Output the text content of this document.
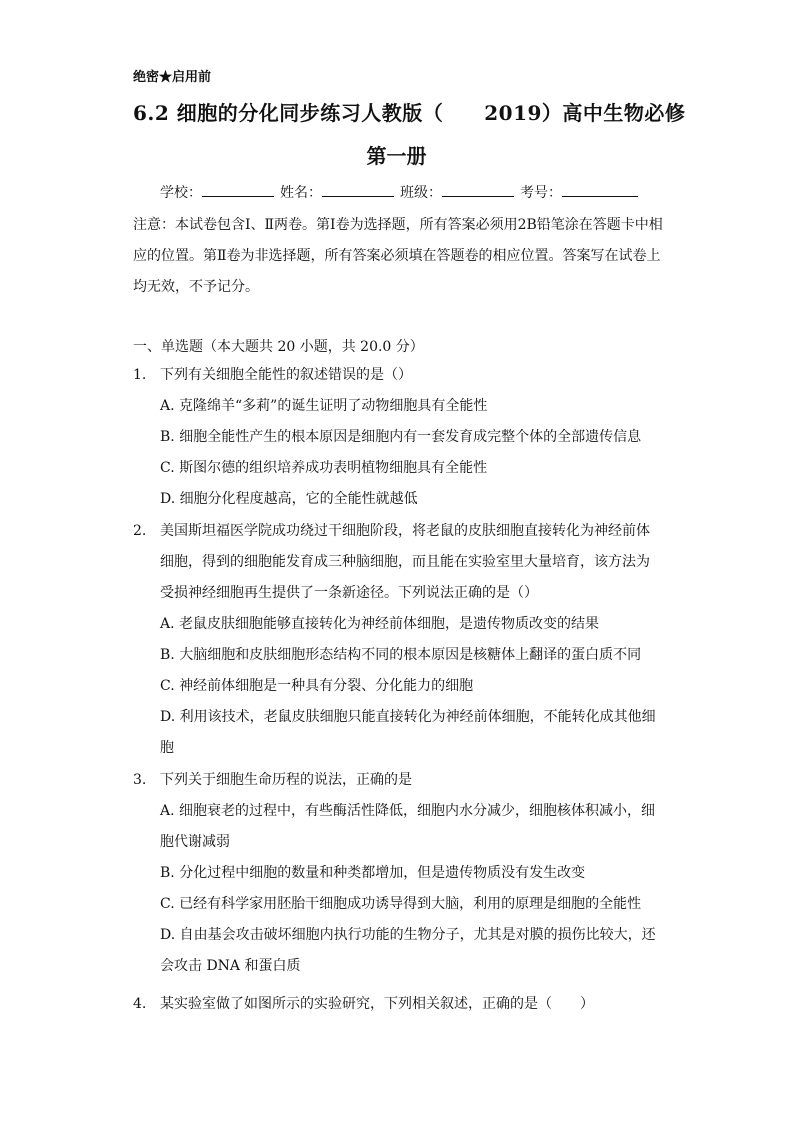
绝密★启用前
6.2 细胞的分化同步练习人教版（　　2019）高中生物必修
第一册
学校：	姓名：	班级：	考号：
注意：本试卷包含Ⅰ、Ⅱ两卷。第Ⅰ卷为选择题，所有答案必须用2B铅笔涂在答题卡中相应的位置。第Ⅱ卷为非选择题，所有答案必须填在答题卷的相应位置。答案写在试卷上均无效，不予记分。
一、单选题（本大题共 20 小题，共 20.0 分）
1. 下列有关细胞全能性的叙述错误的是（）
A. 克隆绵羊“多莉”的诞生证明了动物细胞具有全能性
B. 细胞全能性产生的根本原因是细胞内有一套发育成完整个体的全部遗传信息
C. 斯图尔德的组织培养成功表明植物细胞具有全能性
D. 细胞分化程度越高，它的全能性就越低
2. 美国斯坦福医学院成功绕过干细胞阶段，将老鼠的皮肤细胞直接转化为神经前体细胞，得到的细胞能发育成三种脑细胞，而且能在实验室里大量培育，该方法为受损神经细胞再生提供了一条新途径。下列说法正确的是（）
A. 老鼠皮肤细胞能够直接转化为神经前体细胞，是遗传物质改变的结果
B. 大脑细胞和皮肤细胞形态结构不同的根本原因是核糖体上翻译的蛋白质不同
C. 神经前体细胞是一种具有分裂、分化能力的细胞
D. 利用该技术，老鼠皮肤细胞只能直接转化为神经前体细胞，不能转化成其他细胞
3. 下列关于细胞生命历程的说法，正确的是
A. 细胞衰老的过程中，有些酶活性降低，细胞内水分减少，细胞核体积减小，细胞代谢减弱
B. 分化过程中细胞的数量和种类都增加，但是遗传物质没有发生改变
C. 已经有科学家用胚胎干细胞成功诱导得到大脑，利用的原理是细胞的全能性
D. 自由基会攻击破坏细胞内执行功能的生物分子，尤其是对膜的损伤比较大，还会攻击 DNA 和蛋白质
4. 某实验室做了如图所示的实验研究，下列相关叙述，正确的是（　　）
